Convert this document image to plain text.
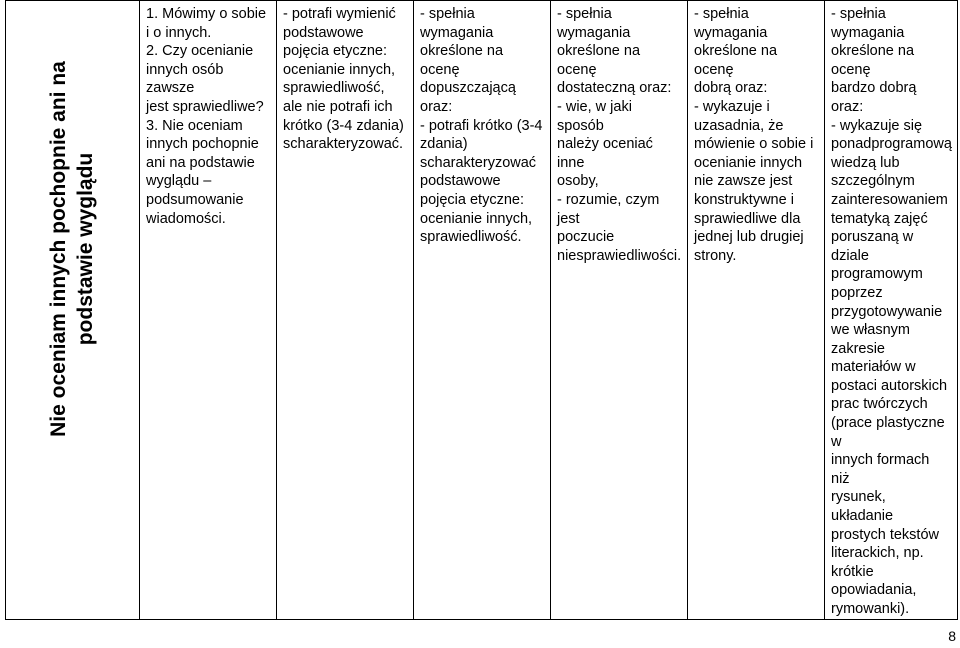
Nie oceniam innych pochopnie ani na podstawie wyglądu

1. Mówimy o sobie
i o innych.
2. Czy ocenianie
innych osób zawsze
jest sprawiedliwe?
3. Nie oceniam
innych pochopnie
ani na podstawie
wyglądu –
podsumowanie
wiadomości.

- potrafi wymienić
podstawowe
pojęcia etyczne:
ocenianie innych,
sprawiedliwość,
ale nie potrafi ich
krótko (3-4 zdania)
scharakteryzować.

- spełnia
wymagania
określone na ocenę
dopuszczającą oraz:
- potrafi krótko (3-4
zdania)
scharakteryzować
podstawowe
pojęcia etyczne:
ocenianie innych,
sprawiedliwość.

- spełnia
wymagania
określone na ocenę
dostateczną oraz:
- wie, w jaki sposób
należy oceniać inne
osoby,
- rozumie, czym jest
poczucie
niesprawiedliwości.

- spełnia
wymagania
określone na ocenę
dobrą oraz:
- wykazuje i
uzasadnia, że
mówienie o sobie i
ocenianie innych
nie zawsze jest
konstruktywne i
sprawiedliwe dla
jednej lub drugiej
strony.

- spełnia
wymagania
określone na ocenę
bardzo dobrą oraz:
- wykazuje się
ponadprogramową
wiedzą lub
szczególnym
zainteresowaniem
tematyką zajęć
poruszaną w dziale
programowym
poprzez
przygotowywanie
we własnym
zakresie
materiałów w
postaci autorskich
prac twórczych
(prace plastyczne w
innych formach niż
rysunek, układanie
prostych tekstów
literackich, np.
krótkie
opowiadania,
rymowanki).
8
